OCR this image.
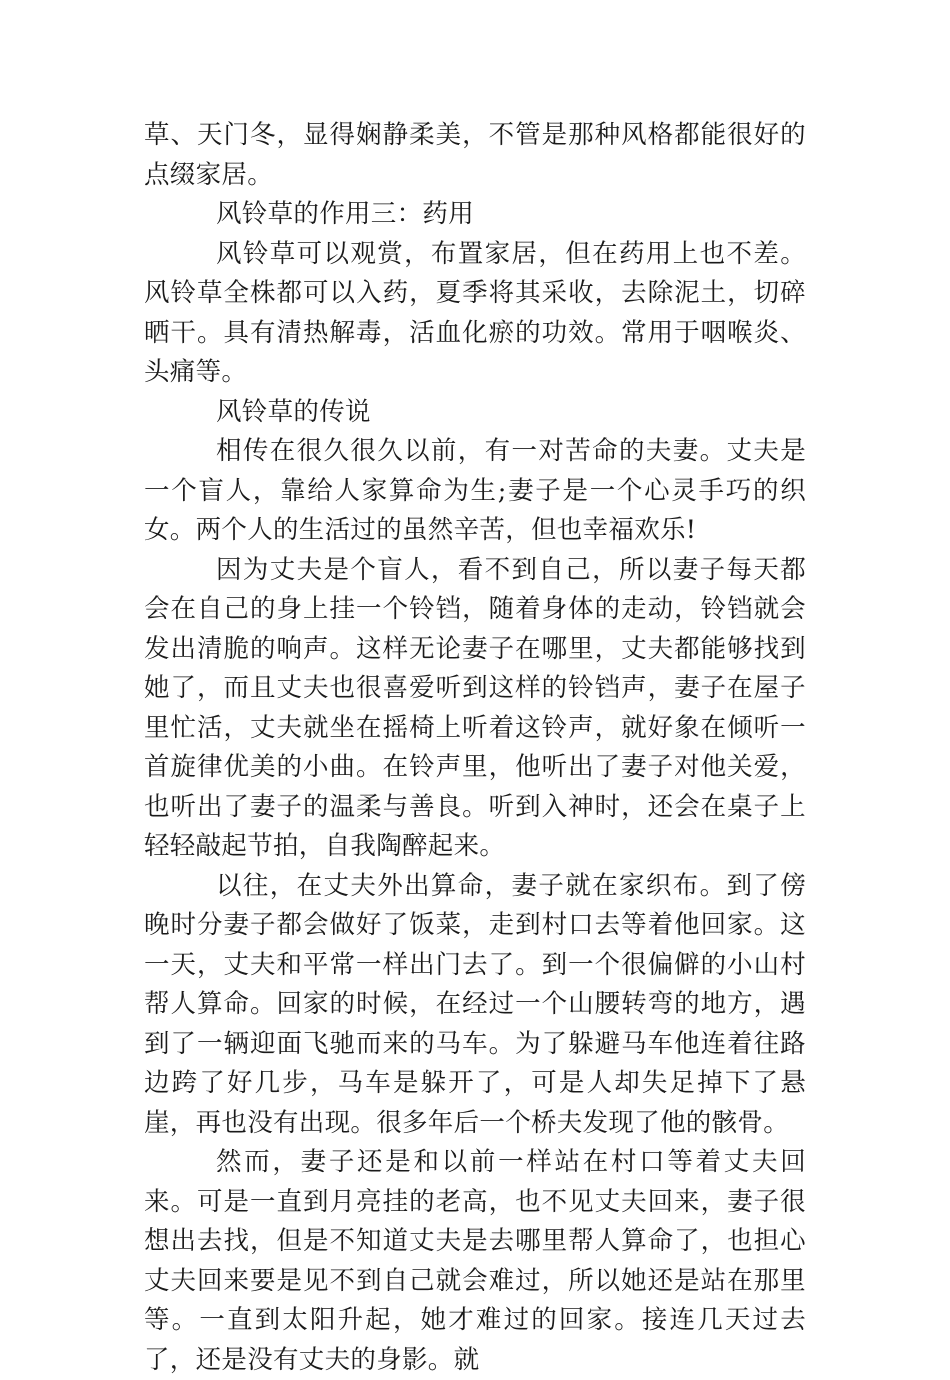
草、天门冬，显得娴静柔美，不管是那种风格都能很好的点缀家居。

风铃草的作用三：药用

风铃草可以观赏，布置家居，但在药用上也不差。风铃草全株都可以入药，夏季将其采收，去除泥土，切碎晒干。具有清热解毒，活血化瘀的功效。常用于咽喉炎、头痛等。

风铃草的传说

相传在很久很久以前，有一对苦命的夫妻。丈夫是一个盲人，靠给人家算命为生;妻子是一个心灵手巧的织女。两个人的生活过的虽然辛苦，但也幸福欢乐!

因为丈夫是个盲人，看不到自己，所以妻子每天都会在自己的身上挂一个铃铛，随着身体的走动，铃铛就会发出清脆的响声。这样无论妻子在哪里，丈夫都能够找到她了，而且丈夫也很喜爱听到这样的铃铛声，妻子在屋子里忙活，丈夫就坐在摇椅上听着这铃声，就好象在倾听一首旋律优美的小曲。在铃声里，他听出了妻子对他关爱，也听出了妻子的温柔与善良。听到入神时，还会在桌子上轻轻敲起节拍，自我陶醉起来。

以往，在丈夫外出算命，妻子就在家织布。到了傍晚时分妻子都会做好了饭菜，走到村口去等着他回家。这一天，丈夫和平常一样出门去了。到一个很偏僻的小山村帮人算命。回家的时候，在经过一个山腰转弯的地方，遇到了一辆迎面飞驰而来的马车。为了躲避马车他连着往路边跨了好几步，马车是躲开了，可是人却失足掉下了悬崖，再也没有出现。很多年后一个桥夫发现了他的骸骨。

然而，妻子还是和以前一样站在村口等着丈夫回来。可是一直到月亮挂的老高，也不见丈夫回来，妻子很想出去找，但是不知道丈夫是去哪里帮人算命了，也担心丈夫回来要是见不到自己就会难过，所以她还是站在那里等。一直到太阳升起，她才难过的回家。接连几天过去了，还是没有丈夫的身影。就
